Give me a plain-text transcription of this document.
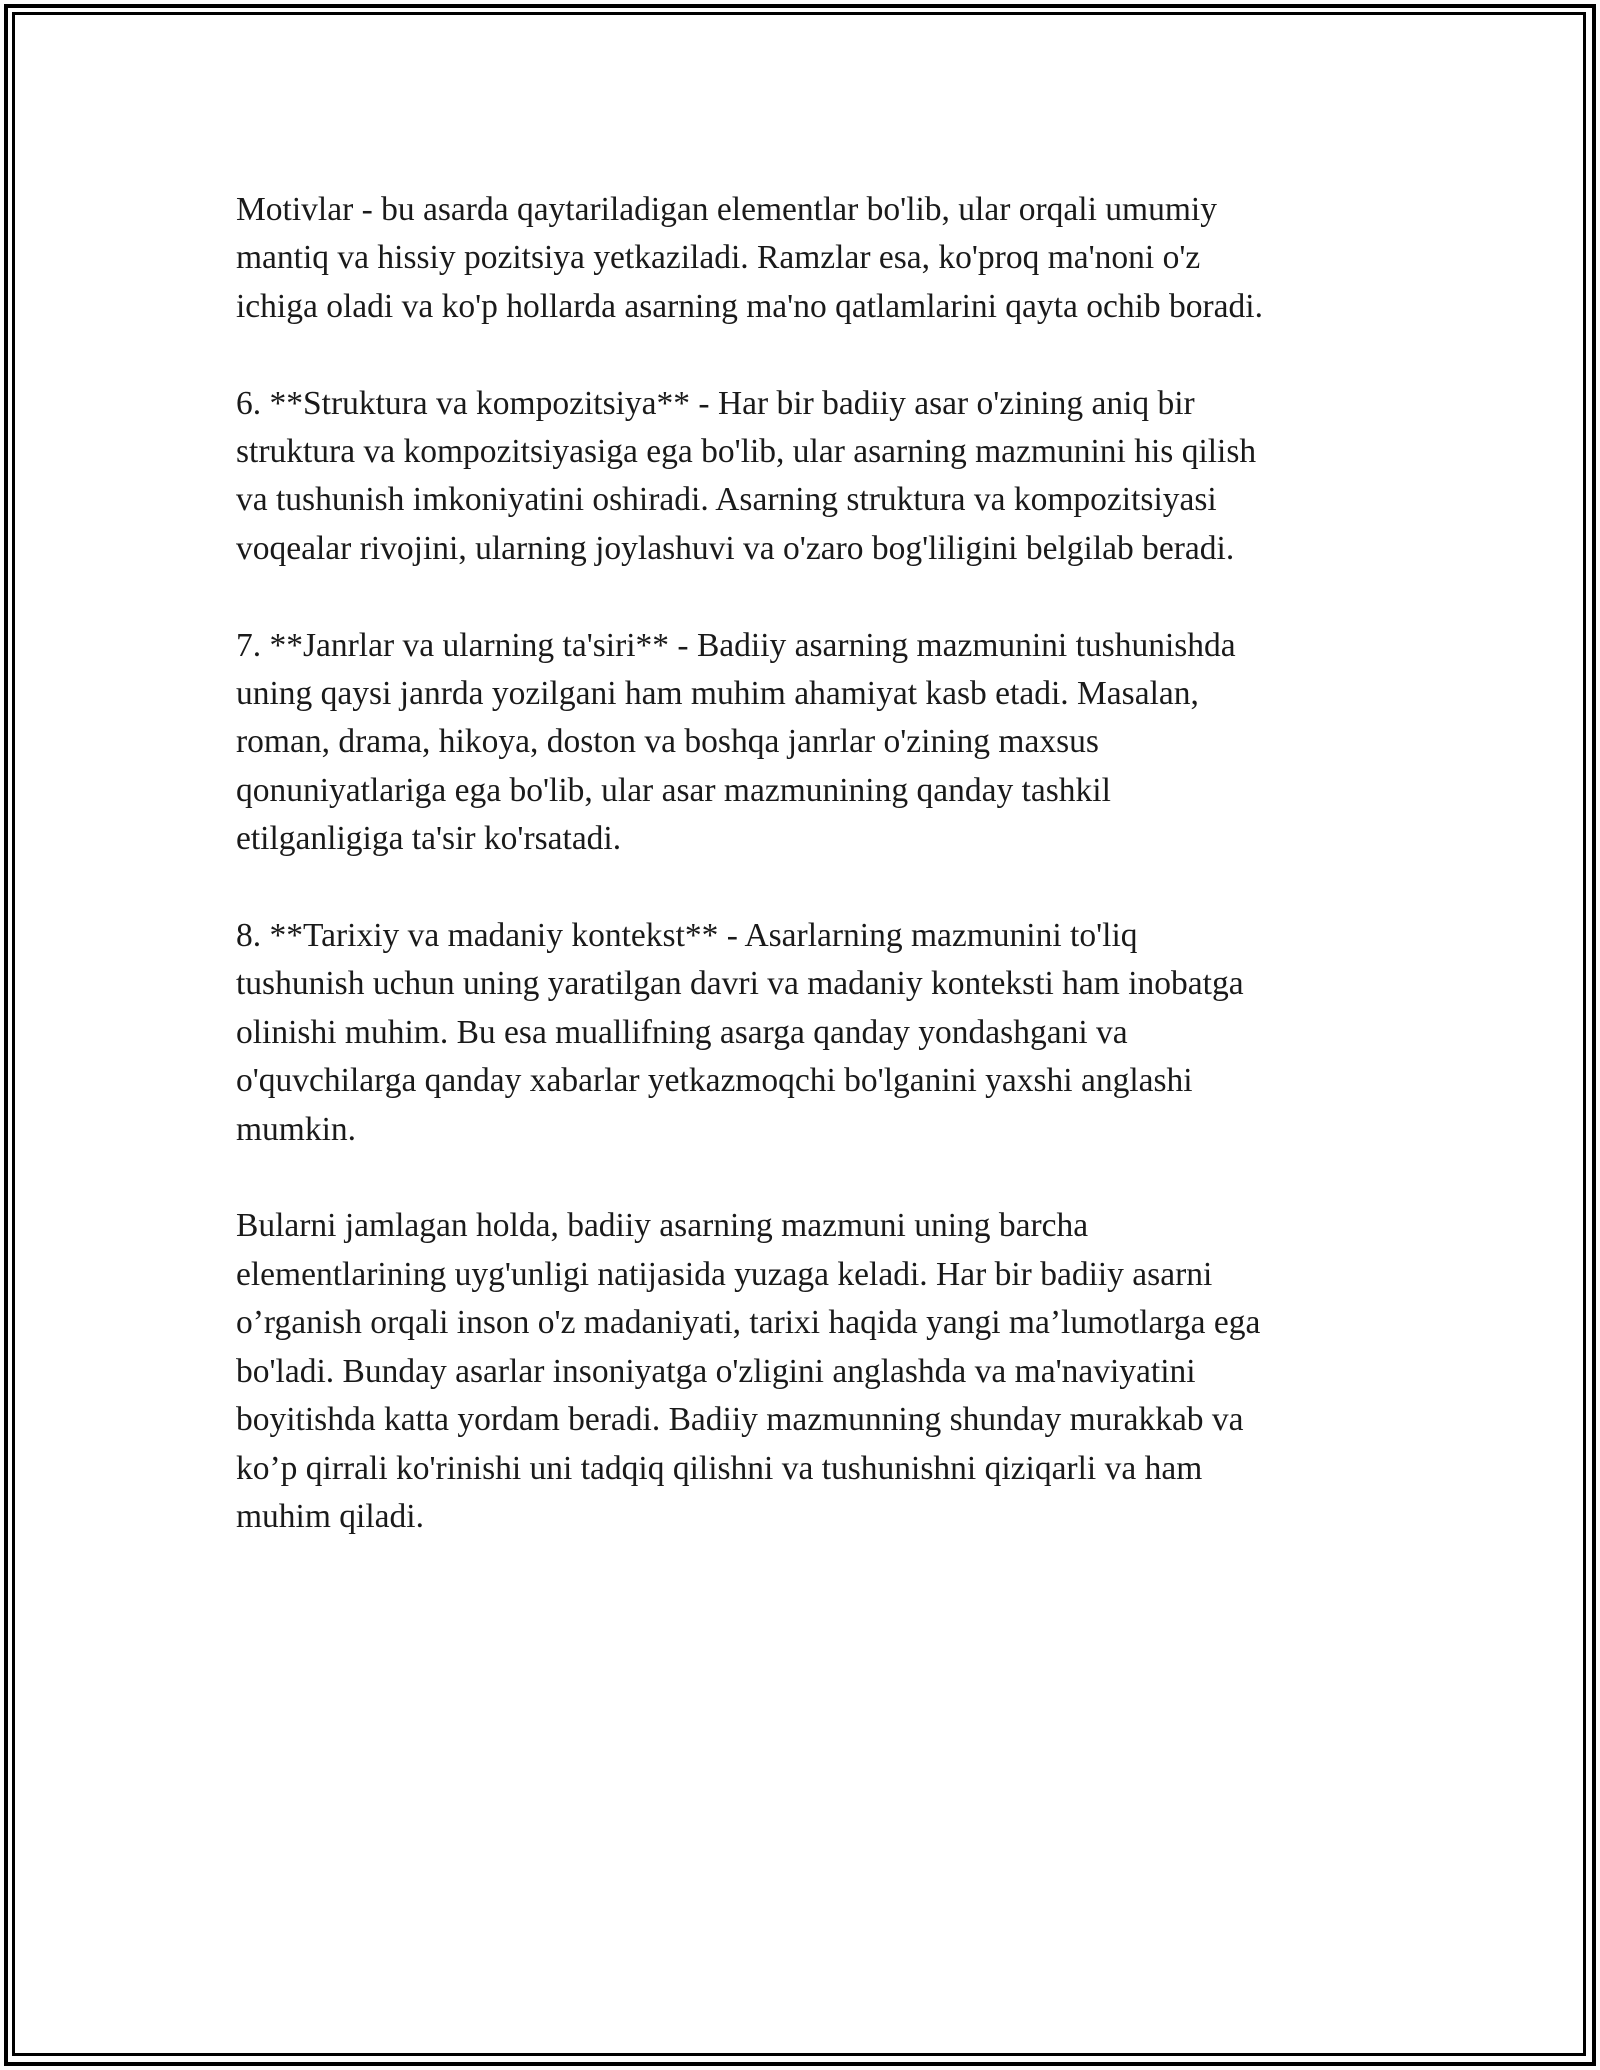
Motivlar - bu asarda qaytariladigan elementlar bo'lib, ular orqali umumiy
mantiq va hissiy pozitsiya yetkaziladi. Ramzlar esa, ko'proq ma'noni o'z
ichiga oladi va ko'p hollarda asarning ma'no qatlamlarini qayta ochib boradi.

6. **Struktura va kompozitsiya** - Har bir badiiy asar o'zining aniq bir
struktura va kompozitsiyasiga ega bo'lib, ular asarning mazmunini his qilish
va tushunish imkoniyatini oshiradi. Asarning struktura va kompozitsiyasi
voqealar rivojini, ularning joylashuvi va o'zaro bog'liligini belgilab beradi.

7. **Janrlar va ularning ta'siri** - Badiiy asarning mazmunini tushunishda
uning qaysi janrda yozilgani ham muhim ahamiyat kasb etadi. Masalan,
roman, drama, hikoya, doston va boshqa janrlar o'zining maxsus
qonuniyatlariga ega bo'lib, ular asar mazmunining qanday tashkil
etilganligiga ta'sir ko'rsatadi.

8. **Tarixiy va madaniy kontekst** - Asarlarning mazmunini to'liq
tushunish uchun uning yaratilgan davri va madaniy konteksti ham inobatga
olinishi muhim. Bu esa muallifning asarga qanday yondashgani va
o'quvchilarga qanday xabarlar yetkazmoqchi bo'lganini yaxshi anglashi
mumkin.

Bularni jamlagan holda, badiiy asarning mazmuni uning barcha
elementlarining uyg'unligi natijasida yuzaga keladi. Har bir badiiy asarni
o’rganish orqali inson o'z madaniyati, tarixi haqida yangi ma’lumotlarga ega
bo'ladi. Bunday asarlar insoniyatga o'zligini anglashda va ma'naviyatini
boyitishda katta yordam beradi. Badiiy mazmunning shunday murakkab va
ko’p qirrali ko'rinishi uni tadqiq qilishni va tushunishni qiziqarli va ham
muhim qiladi.
